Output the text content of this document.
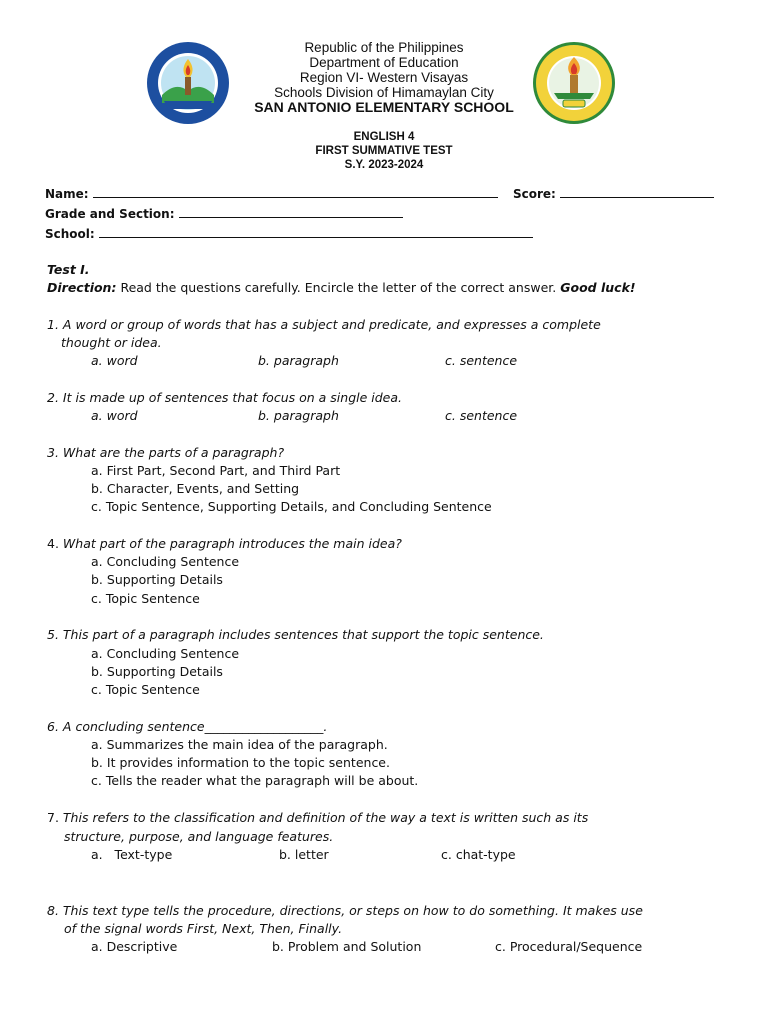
Republic of the Philippines
Department of Education
Region VI- Western Visayas
Schools Division of Himamaylan City
SAN ANTONIO ELEMENTARY SCHOOL
ENGLISH 4
FIRST SUMMATIVE TEST
S.Y. 2023-2024
Name:	Score:
Grade and Section:
School:
Test I.
Direction: Read the questions carefully. Encircle the letter of the correct answer. Good luck!
1. A word or group of words that has a subject and predicate, and expresses a complete
thought or idea.
a. word	b. paragraph	c. sentence
2. It is made up of sentences that focus on a single idea.
a. word	b. paragraph	c. sentence
3. What are the parts of a paragraph?
a. First Part, Second Part, and Third Part
b. Character, Events, and Setting
c. Topic Sentence, Supporting Details, and Concluding Sentence
4. What part of the paragraph introduces the main idea?
a. Concluding Sentence
b. Supporting Details
c. Topic Sentence
5. This part of a paragraph includes sentences that support the topic sentence.
a. Concluding Sentence
b. Supporting Details
c. Topic Sentence
6. A concluding sentence___________________.
a. Summarizes the main idea of the paragraph.
b. It provides information to the topic sentence.
c. Tells the reader what the paragraph will be about.
7. This refers to the classification and definition of the way a text is written such as its
structure, purpose, and language features.
a.   Text-type	b. letter	c. chat-type
8. This text type tells the procedure, directions, or steps on how to do something. It makes use
of the signal words First, Next, Then, Finally.
a. Descriptive	b. Problem and Solution	c. Procedural/Sequence
